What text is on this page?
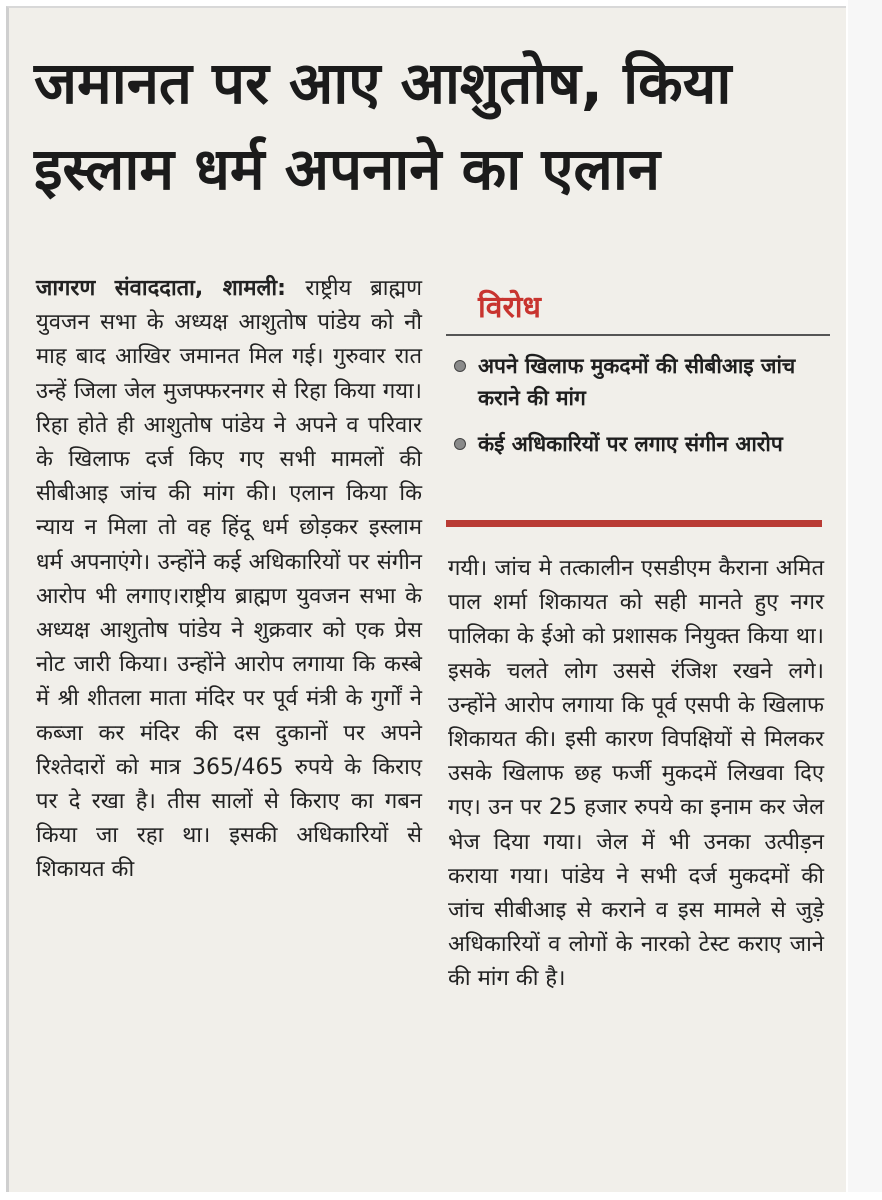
जमानत पर आए आशुतोष, किया
इस्लाम धर्म अपनाने का एलान
जागरण संवाददाता, शामली: राष्ट्रीय ब्राह्मण युवजन सभा के अध्यक्ष आशुतोष पांडेय को नौ माह बाद आखिर जमानत मिल गई। गुरुवार रात उन्हें जिला जेल मुजफ्फरनगर से रिहा किया गया। रिहा होते ही आशुतोष पांडेय ने अपने व परिवार के खिलाफ दर्ज किए गए सभी मामलों की सीबीआइ जांच की मांग की। एलान किया कि न्याय न मिला तो वह हिंदू धर्म छोड़कर इस्लाम धर्म अपनाएंगे। उन्होंने कई अधिकारियों पर संगीन आरोप भी लगाए।राष्ट्रीय ब्राह्मण युवजन सभा के अध्यक्ष आशुतोष पांडेय ने शुक्रवार को एक प्रेस नोट जारी किया। उन्होंने आरोप लगाया कि कस्बे में श्री शीतला माता मंदिर पर पूर्व मंत्री के गुर्गों ने कब्जा कर मंदिर की दस दुकानों पर अपने रिश्तेदारों को मात्र 365/465 रुपये के किराए पर दे रखा है। तीस सालों से किराए का गबन किया जा रहा था। इसकी अधिकारियों से शिकायत की
विरोध
अपने खिलाफ मुकदमों की सीबीआइ जांच कराने की मांग
कंई अधिकारियों पर लगाए संगीन आरोप
गयी। जांच मे तत्कालीन एसडीएम कैराना अमित पाल शर्मा शिकायत को सही मानते हुए नगर पालिका के ईओ को प्रशासक नियुक्त किया था। इसके चलते लोग उससे रंजिश रखने लगे। उन्होंने आरोप लगाया कि पूर्व एसपी के खिलाफ शिकायत की। इसी कारण विपक्षियों से मिलकर उसके खिलाफ छह फर्जी मुकदमें लिखवा दिए गए। उन पर 25 हजार रुपये का इनाम कर जेल भेज दिया गया। जेल में भी उनका उत्पीड़न कराया गया। पांडेय ने सभी दर्ज मुकदमों की जांच सीबीआइ से कराने व इस मामले से जुड़े अधिकारियों व लोगों के नारको टेस्ट कराए जाने की मांग की है।
